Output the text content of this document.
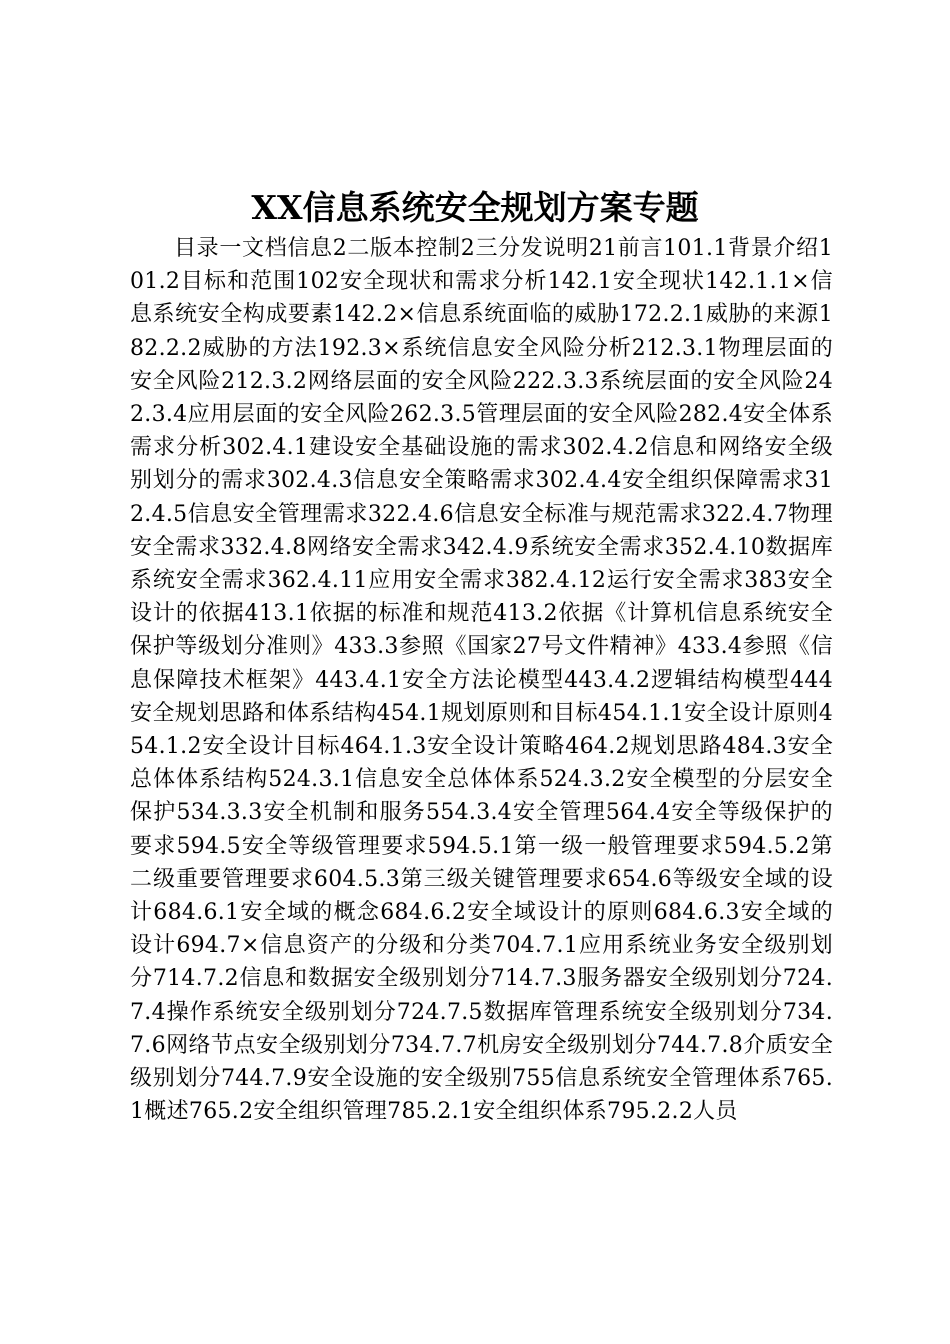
XX信息系统安全规划方案专题

目录一文档信息2二版本控制2三分发说明21前言101.1背景介绍101.2目标和范围102安全现状和需求分析142.1安全现状142.1.1×信息系统安全构成要素142.2×信息系统面临的威胁172.2.1威胁的来源182.2.2威胁的方法192.3×系统信息安全风险分析212.3.1物理层面的安全风险212.3.2网络层面的安全风险222.3.3系统层面的安全风险242.3.4应用层面的安全风险262.3.5管理层面的安全风险282.4安全体系需求分析302.4.1建设安全基础设施的需求302.4.2信息和网络安全级别划分的需求302.4.3信息安全策略需求302.4.4安全组织保障需求312.4.5信息安全管理需求322.4.6信息安全标准与规范需求322.4.7物理安全需求332.4.8网络安全需求342.4.9系统安全需求352.4.10数据库系统安全需求362.4.11应用安全需求382.4.12运行安全需求383安全设计的依据413.1依据的标准和规范413.2依据《计算机信息系统安全保护等级划分准则》433.3参照《国家27号文件精神》433.4参照《信息保障技术框架》443.4.1安全方法论模型443.4.2逻辑结构模型444安全规划思路和体系结构454.1规划原则和目标454.1.1安全设计原则454.1.2安全设计目标464.1.3安全设计策略464.2规划思路484.3安全总体体系结构524.3.1信息安全总体体系524.3.2安全模型的分层安全保护534.3.3安全机制和服务554.3.4安全管理564.4安全等级保护的要求594.5安全等级管理要求594.5.1第一级一般管理要求594.5.2第二级重要管理要求604.5.3第三级关键管理要求654.6等级安全域的设计684.6.1安全域的概念684.6.2安全域设计的原则684.6.3安全域的设计694.7×信息资产的分级和分类704.7.1应用系统业务安全级别划分714.7.2信息和数据安全级别划分714.7.3服务器安全级别划分724.7.4操作系统安全级别划分724.7.5数据库管理系统安全级别划分734.7.6网络节点安全级别划分734.7.7机房安全级别划分744.7.8介质安全级别划分744.7.9安全设施的安全级别755信息系统安全管理体系765.1概述765.2安全组织管理785.2.1安全组织体系795.2.2人员
